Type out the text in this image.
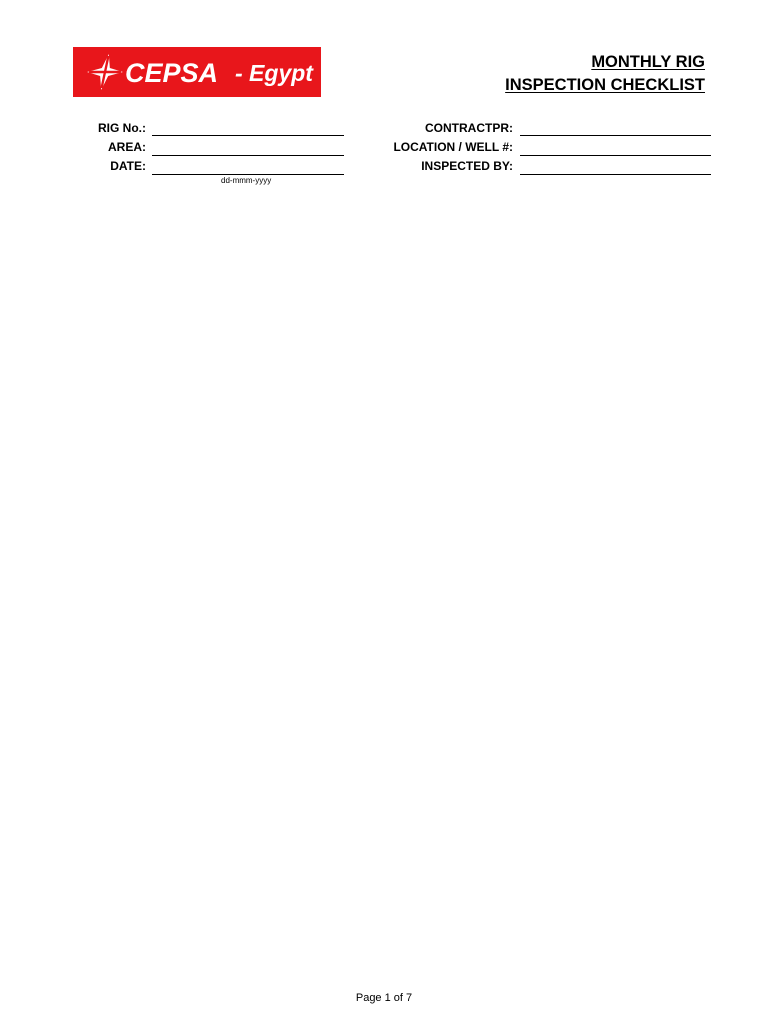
CEPSA - Egypt	MONTHLY RIG
INSPECTION CHECKLIST
RIG No.:
AREA:
DATE:
dd-mmm-yyyy
CONTRACTPR:
LOCATION / WELL #:
INSPECTED BY:
Page 1 of 7
